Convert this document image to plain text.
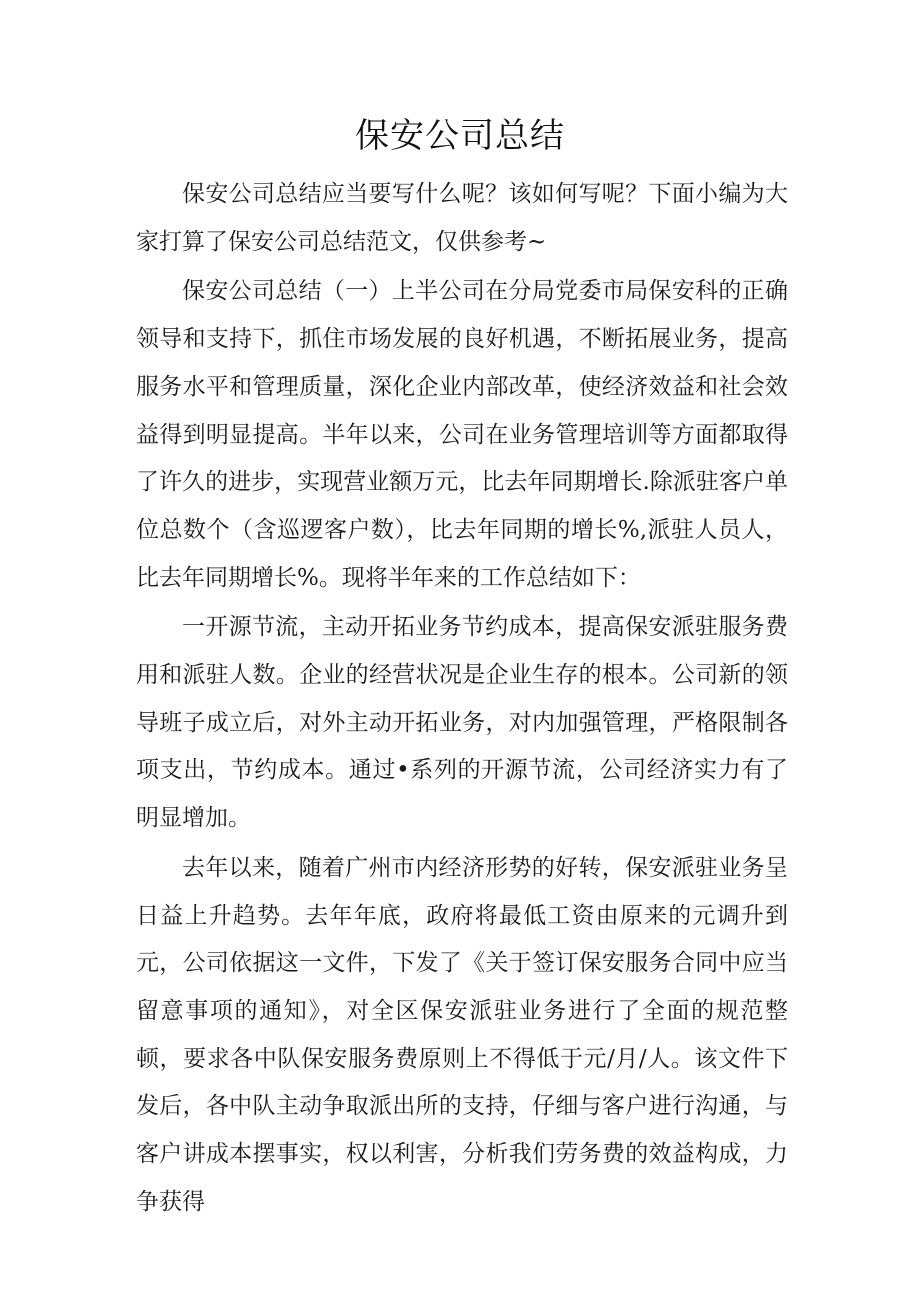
保安公司总结

保安公司总结应当要写什么呢？该如何写呢？下面小编为大家打算了保安公司总结范文，仅供参考~

保安公司总结（一）上半公司在分局党委市局保安科的正确领导和支持下，抓住市场发展的良好机遇，不断拓展业务，提高服务水平和管理质量，深化企业内部改革，使经济效益和社会效益得到明显提高。半年以来，公司在业务管理培训等方面都取得了许久的进步，实现营业额万元，比去年同期增长.除派驻客户单位总数个（含巡逻客户数），比去年同期的增长%,派驻人员人，比去年同期增长%。现将半年来的工作总结如下：

一开源节流，主动开拓业务节约成本，提高保安派驻服务费用和派驻人数。企业的经营状况是企业生存的根本。公司新的领导班子成立后，对外主动开拓业务，对内加强管理，严格限制各项支出，节约成本。通过•系列的开源节流，公司经济实力有了明显增加。

去年以来，随着广州市内经济形势的好转，保安派驻业务呈日益上升趋势。去年年底，政府将最低工资由原来的元调升到元，公司依据这一文件，下发了《关于签订保安服务合同中应当留意事项的通知》，对全区保安派驻业务进行了全面的规范整顿，要求各中队保安服务费原则上不得低于元/月/人。该文件下发后，各中队主动争取派出所的支持，仔细与客户进行沟通，与客户讲成本摆事实，权以利害，分析我们劳务费的效益构成，力争获得
